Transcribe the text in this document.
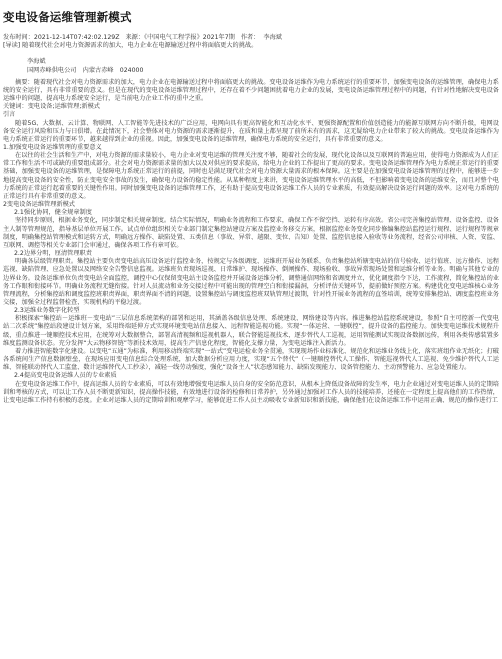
变电设备运维管理新模式
发布时间：2021-12-14T07:42:02.129Z 来源：《中国电气工程学报》2021年7期 作者： 李海斌
[导读] 随着现代社会对电力资源需求的加大，电力企业在电源输送过程中将面临更大的挑战。
李海斌
国网赤峰供电公司　内蒙古赤峰　024000
摘要：随着现代社会对电力资源需求的加大，电力企业在电源输送过程中将面临更大的挑战。变电设备运维作为电力系统运行的重要环节，加强变电设备的运维管理，确保电力系统的安全运行，具有非常重要的意义。但是在现代的变电设备运维管理过程中，还存在着不少问题困扰着电力企业的发展，变电设备运维管理过程中的问题，有针对性地解决变电设备运维中的问题，提高电力系统安全运行，是当前电力企业工作的重中之重。
关键词：变电设备;运维管理;新模式
引言
随着5G、大数据、云计算、物联网、人工智能等先进技术的广泛应用，电网向具有更高智能化和互动化水平、更强资源配置和价值创造能力的能源互联网方向不断升级，电网设备安全运行风险和压力与日俱增。在此情况下，社会整体对电力资源的需求逐渐提升，在质和量上都呈现了前所未有的需求，这无疑给电力企业带来了较大的挑战。变电设备运维作为电力系统正常运行的重要环节，越来越得到企业的重视。因此，加强变电设备的运维管理，确保电力系统的安全运行，具有非常重要的意义。
1.加强变电设备运维管理的重要意义
在以往的社会生活和生产中，对电力资源的需求量较小，电力企业对变电运维的管理关注度不够，随着社会的发展，现代化设备以及互联网的普遍应用，使得电力资源成为人们正常工作和生活不可或缺的重要组成部分。社会对电力资源需求量的加大以及对供应的要求提高，给电力企业的工作提出了更高的要求。变电设备运维管理作为电力系统正常运行的重要基础，加强变电设备的运维管理，是保障电力系统正常运行的前提，同时也是满足现代社会对电力资源大量需求的根本保障。这主要是在加强变电设备运维管理的过程中，能够进一步地提高变电设备的安全性，防止变电安全事故的发生，确保电力设备的稳定性能。从某种程度上来讲，变电设备运维管理水平的高低，不但影响着变电设备的运维安全，而且对整个电力系统的正常运行起着重要的关键性作用。同时加强变电设备的运维管理工作，还有助于提高变电设备运维工作人员的专业素质，有效提高解决设备运行问题的效率。这对电力系统的正常运行具有非常重要的意义。
2变电设备运维管理新模式
2.1强化协同，健全规章制度
坚持同步原则，根据业务变化，同步制定相关规章制度。结合实际情况，明确业务流程和工作要求，确保工作不留空挡、运转有序高效。省公司完善集控站管理、设备监控、设备主人制等管理规范，指导基层单位开展工作。试点单位组织相关专业部门制定集控站建设方案及监控业务移交方案，根据监控业务变化同步修编集控站监控运行规程、运行规程等规章制度，明确集控站管理模式和运转方式，明确远方操作、缺陷处置、五类信息（事故、异常、越限、变位、告知）处置、监控信息接入验收等业务流程，经省公司审核、人资、安监、互联网、调控等相关专业部门会审通过，确保各项工作有章可依。
2.2边界分明，厘清管理职责
明确各层级管理职责。集控站主要负责变电站高压设备运行监控业务，按规定与各级调度、运维班开展业务联系，负责集控站所辖变电站的信号验收、运行值班、远方操作、远程巡视、缺陷管理、应急处置以及网络安全告警信息监视。运维班负责现场巡视、日常维护、现场操作、倒闸操作、现场验收、事故异常现场处置和运维分析等业务。明确与其他专业的边界业务。设备运维单位负责变电站全面监控，调控中心仅保留变电站主设备监控并开展设备运维分析，调整通信网络和省调度并立，优化调度指令下达，工作流程，简化集控站的业务工作眼和衔接环节。明确业务流程无缝衔接。针对人员流动和业务交接过程中可能出现的管理空白和衔接漏洞，分析评估关键环节，提前做好预控方案。构建优化变电运维核心业务管理流程，分析集控站和调度监控班职责界面，职责界面不清的问题，设置集控站与调度监控班双轨管理过渡期，针对性开展业务流程的直签培训，统筹安排集控站、调度监控班业务交接，加强全过程监督检查，实现机构的平稳过渡。
2.3运维业务数字化转型
积极探索“集控站－运维班－变电站”三层信息系统架构的部署和运用，其涵盖各级信息处理、系统建设、网络建设等内容。推进集控站监控系统建设，参照“自主可控新一代变电站二次系统”集控站段建设计划方案，采用终端延伸方式实现环境变电站信息接入、远程智能巡视功能。实现“一体运营、一键联控”，提升设备的监控能力。加快变电运维技术规程升级，重点推进一键顺控技术应用，在统筹对大数据整合，部署高清视频和巡视机器人，联合督能巡视技术，逐步替代人工巡视，运用智能测试实现设备数据远传，利用各类传感装置多维度监测设备状态。充分发挥“大云物移智链”等新技术效用，提高生产信息化程度，智能化支撑力量，为变电运维注入新活力。
着力推进智能数字化建设。以变电“五通”为标准，利用移动终端实现“一站式”变电运检业务全贯通，实现现场作业标准化、规范化和运维业务线上化，落实班组作业无纸化；打破各系统间生产信息数据壁垒，在现场应用变电信息综合处理系统，加大数据分析应用力度，实现“五个替代”（一键顺控替代人工操作、智能巡视替代人工巡视、免少维护替代人工运维、智能联动替代人工监盘、数计运维替代人工抄录），减轻一线劳动强度，强化“设备主人”状态感知能力、缺陷发现能力、设备管控能力、主动预警能力、应急处置能力。
2.4提高变电设备运维人员的专业素质
在变电设备运维工作中，提高运维人员的专业素质，可以有效地增强变电运维人员自身的安全防范意识，从根本上降低设备故障的发生率，电力企业通过对变电运维人员的定期培训和考核的方式，可以让工作人员不断更新知识，提高操作技能，有效地进行设备的检修和日常养护，另外通过加强对工作人员的技能培养，还能在一定程度上提高他们的工作热情，让变电运维工作持有积极的态度。企业对运维人员的定期培训和观摩学习，能够促进工作人员主动吸收专业新知识和新技能，确保他们在设备运维工作中运用正确、规范的操作进行工
